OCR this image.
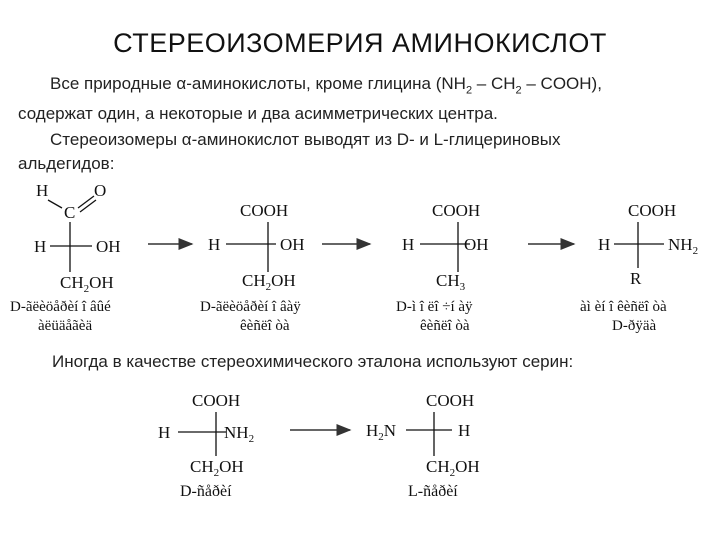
СТЕРЕОИЗОМЕРИЯ АМИНОКИСЛОТ
Все природные α-аминокислоты, кроме глицина ($NH_2 - CH_2$ – COOH),
содержат один, а некоторые и два асимметрических центра.
Стереоизомеры α-аминокислот выводят из D- и L-глицериновых
альдегидов:
Иногда в качестве стереохимического эталона используют серин:
H	O
C
H	OH
$CH_2OH$
D-ãëèöåðèí î âûé
àëüäåãèä
COOH
H	OH
$CH_2OH$
D-ãëèöåðèí î âàÿ
êèñëî òà
COOH
H	OH
$CH_3$
D-ì î ëî ÷í àÿ
êèñëî òà
COOH
H	$NH_2$
R
àì èí î êèñëî òà
D-ðÿäà
COOH
H	$NH_2$
$CH_2OH$
D-ñåðèí
COOH
$H_2N$	H
$CH_2OH$
L-ñåðèí
